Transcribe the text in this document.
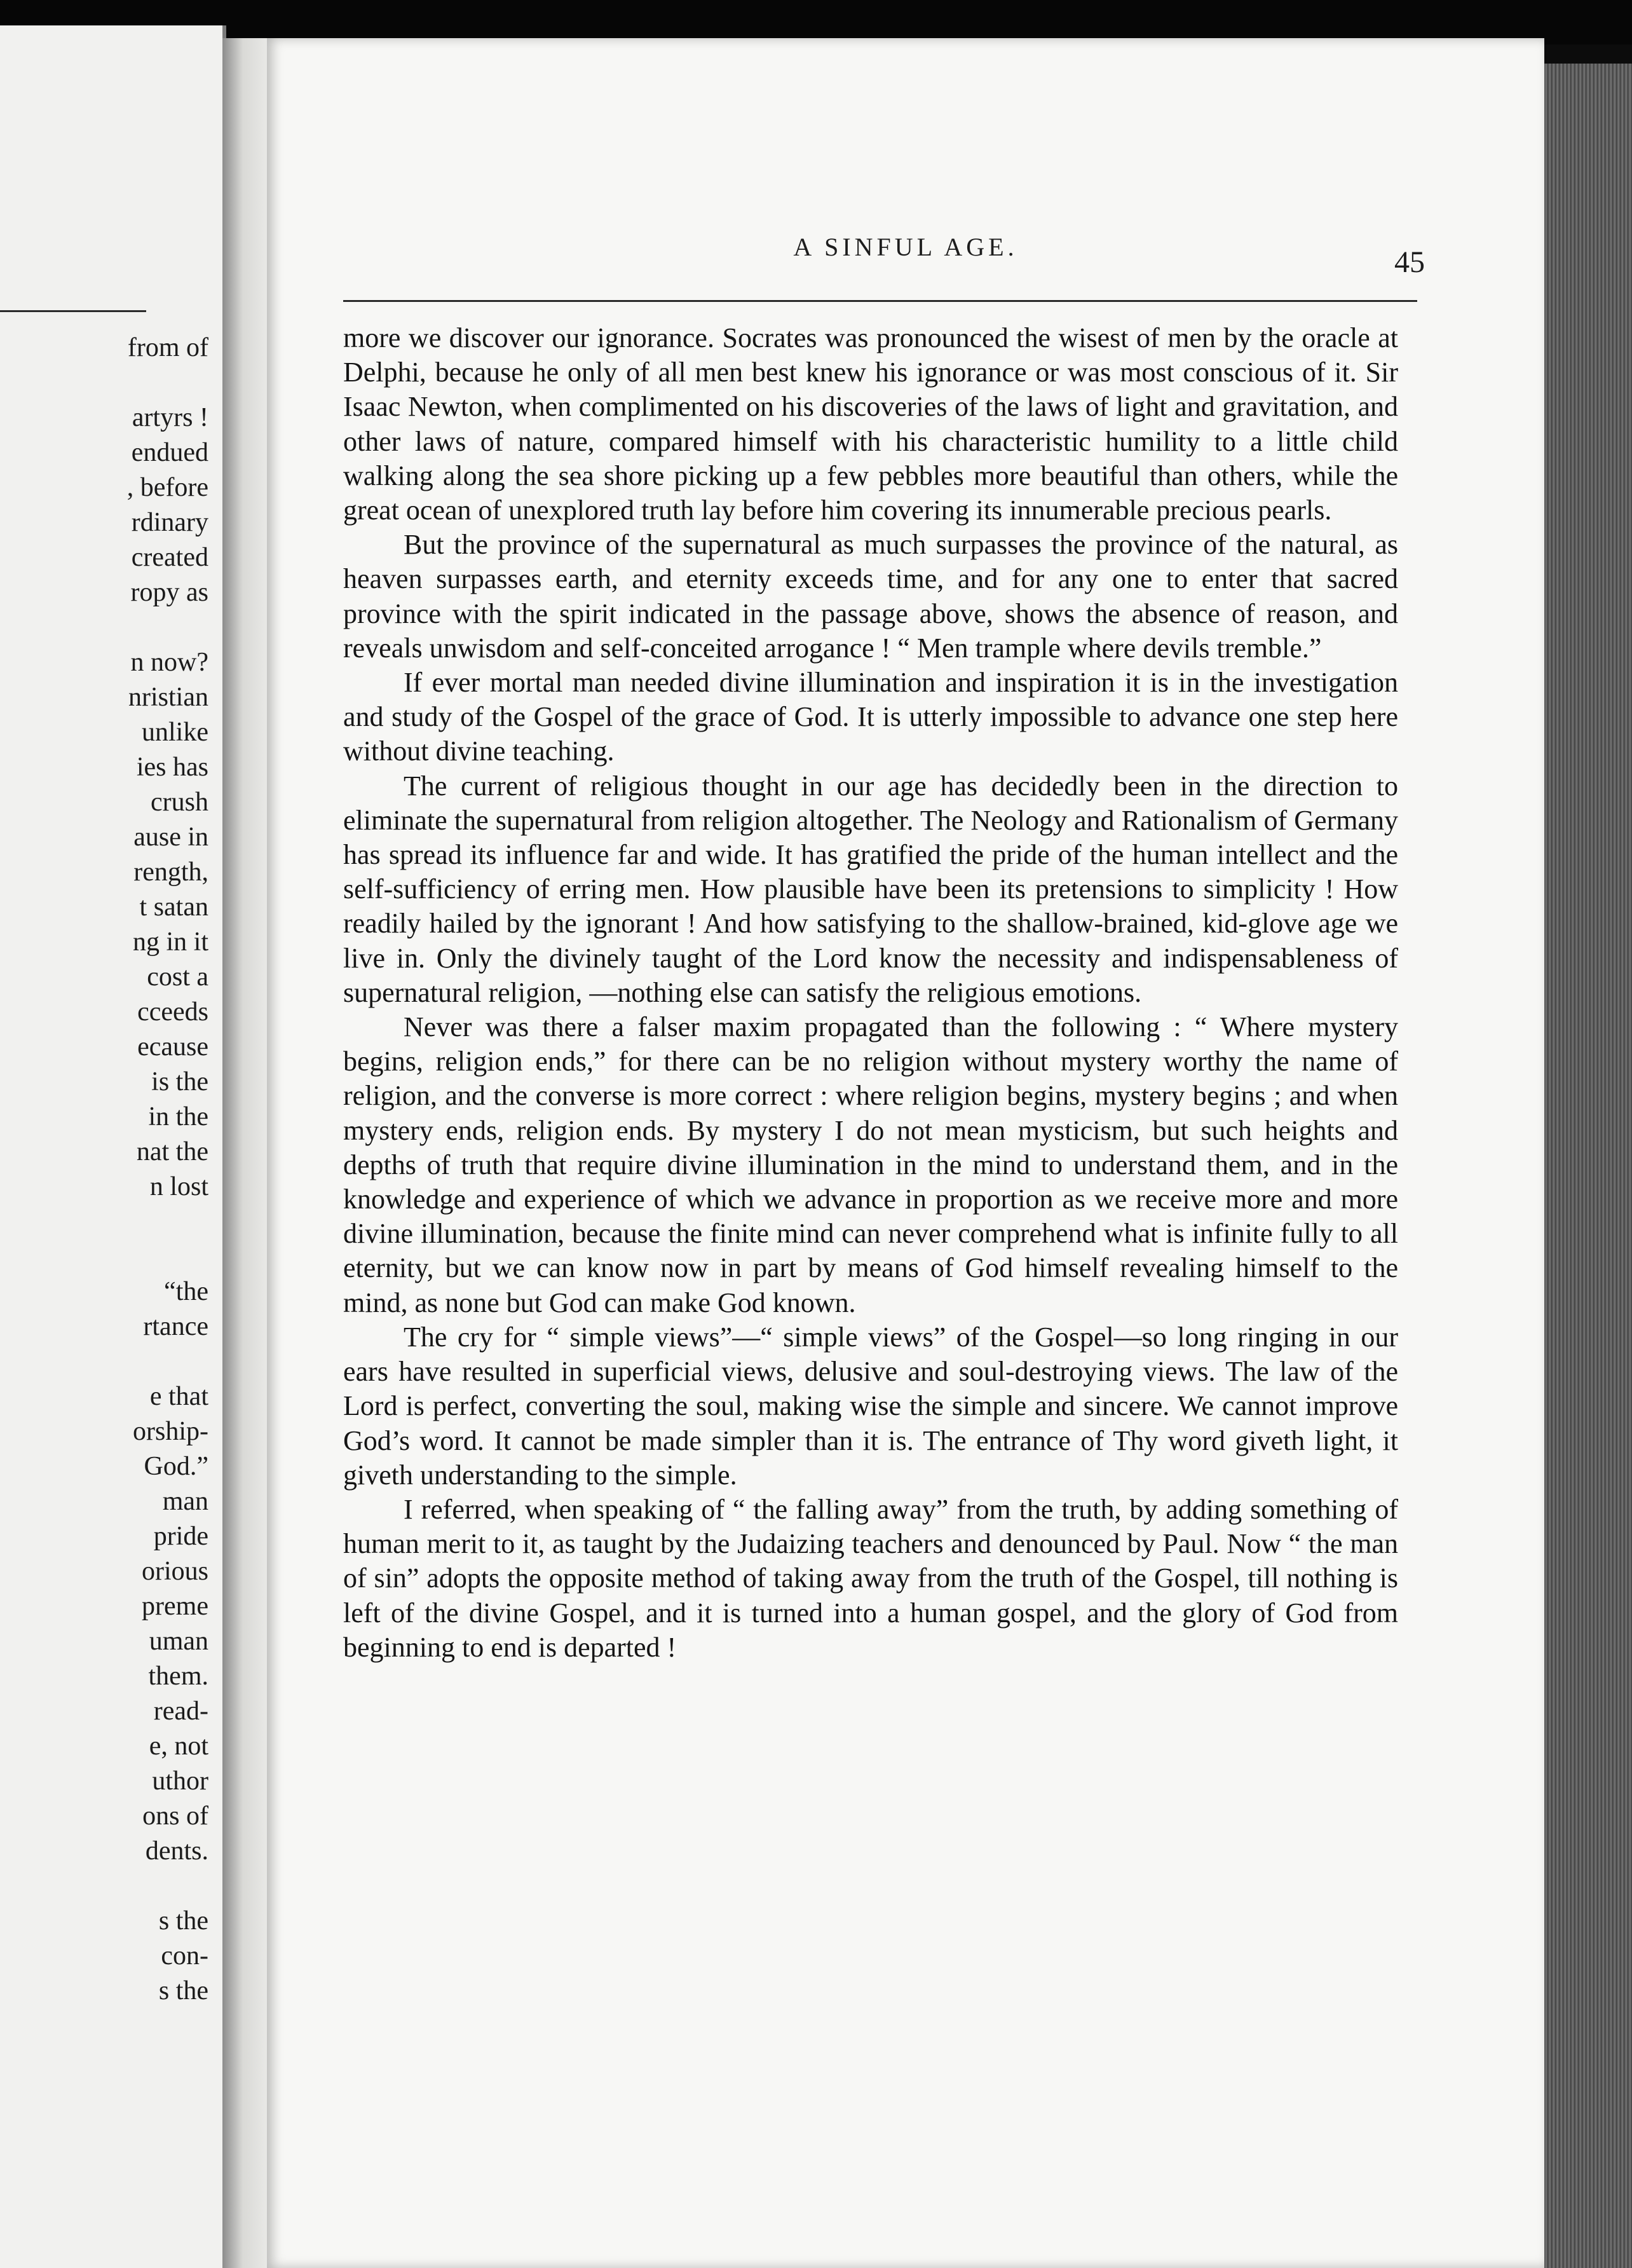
from of

artyrs !
endued
, before
rdinary
created
ropy as

n now?
nristian
unlike
ies has
crush
ause in
rength,
t satan
ng in it
cost a
cceeds
ecause
is the
in the
nat the
n lost

“the
rtance

e that
orship-
God.”
man
pride
orious
preme
uman
them.
read-
e, not
uthor
ons of
dents.

s the
con-
s the
A SINFUL AGE.	45

more we discover our ignorance. Socrates was pronounced the wisest of men by the oracle at Delphi, because he only of all men best knew his ignorance or was most conscious of it. Sir Isaac Newton, when complimented on his discoveries of the laws of light and gravitation, and other laws of nature, compared himself with his characteristic humility to a little child walking along the sea shore picking up a few pebbles more beautiful than others, while the great ocean of unexplored truth lay before him covering its innumerable precious pearls.

But the province of the supernatural as much surpasses the province of the natural, as heaven surpasses earth, and eternity exceeds time, and for any one to enter that sacred province with the spirit indicated in the passage above, shows the absence of reason, and reveals unwisdom and self-conceited arrogance ! “ Men trample where devils tremble.”

If ever mortal man needed divine illumination and inspiration it is in the investigation and study of the Gospel of the grace of God. It is utterly impossible to advance one step here without divine teaching.

The current of religious thought in our age has decidedly been in the direction to eliminate the supernatural from religion altogether. The Neology and Rationalism of Germany has spread its influence far and wide. It has gratified the pride of the human intellect and the self-sufficiency of erring men. How plausible have been its pretensions to simplicity ! How readily hailed by the ignorant ! And how satisfying to the shallow-brained, kid-glove age we live in. Only the divinely taught of the Lord know the necessity and indispensableness of supernatural religion, —nothing else can satisfy the religious emotions.

Never was there a falser maxim propagated than the following : “ Where mystery begins, religion ends,” for there can be no religion without mystery worthy the name of religion, and the converse is more correct : where religion begins, mystery begins ; and when mystery ends, religion ends. By mystery I do not mean mysticism, but such heights and depths of truth that require divine illumination in the mind to understand them, and in the knowledge and experience of which we advance in proportion as we receive more and more divine illumination, because the finite mind can never comprehend what is infinite fully to all eternity, but we can know now in part by means of God himself revealing himself to the mind, as none but God can make God known.

The cry for “ simple views”—“ simple views” of the Gospel—so long ringing in our ears have resulted in superficial views, delusive and soul-destroying views. The law of the Lord is perfect, converting the soul, making wise the simple and sincere. We cannot improve God’s word. It cannot be made simpler than it is. The entrance of Thy word giveth light, it giveth understanding to the simple.

I referred, when speaking of “ the falling away” from the truth, by adding something of human merit to it, as taught by the Judaizing teachers and denounced by Paul. Now “ the man of sin” adopts the opposite method of taking away from the truth of the Gospel, till nothing is left of the divine Gospel, and it is turned into a human gospel, and the glory of God from beginning to end is departed !
